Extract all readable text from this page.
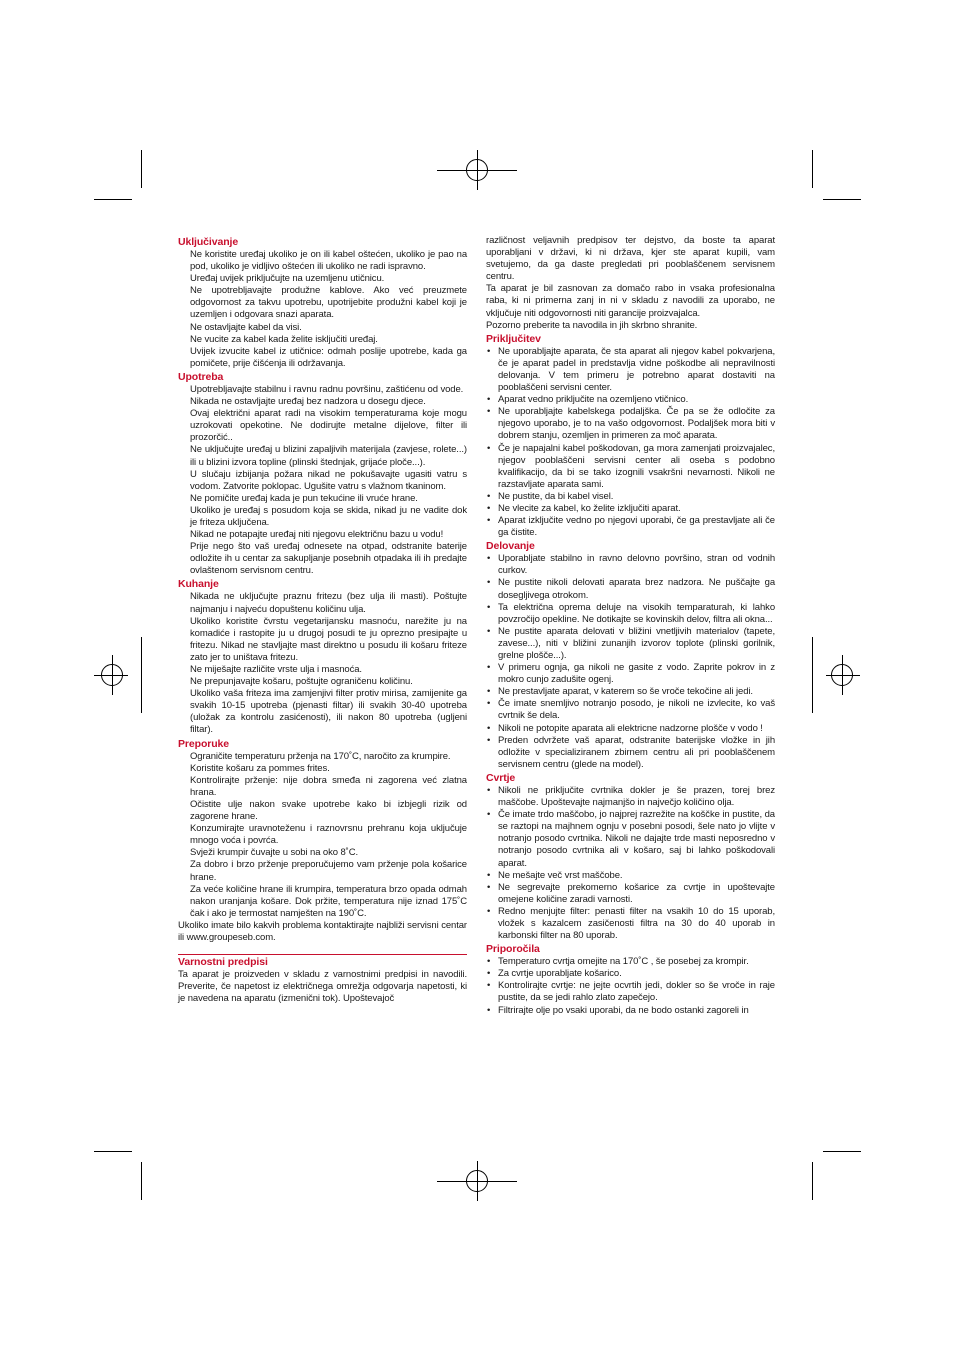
Uključivanje

Ne koristite uređaj ukoliko je on ili kabel oštećen, ukoliko je pao na pod, ukoliko je vidljivo oštećen ili ukoliko ne radi ispravno.

Uređaj uvijek priključujte na uzemljenu utičnicu.

Ne upotrebljavajte produžne kablove. Ako već preuzmete odgovornost za takvu upotrebu, upotrijebite produžni kabel koji je uzemljen i odgovara snazi aparata.

Ne ostavljajte kabel da visi.

Ne vucite za kabel kada želite isključiti uređaj.

Uvijek izvucite kabel iz utičnice: odmah poslije upotrebe, kada ga pomičete, prije čišćenja ili održavanja.

Upotreba

Upotrebljavajte stabilnu i ravnu radnu površinu, zaštićenu od vode.

Nikada ne ostavljajte uređaj bez nadzora u dosegu djece.

Ovaj električni aparat radi na visokim temperaturama koje mogu uzrokovati opekotine. Ne dodirujte metalne dijelove, filter ili prozorčić..

Ne uključujte uređaj u blizini zapaljivih materijala (zavjese, rolete...) ili u blizini izvora topline (plinski štednjak, grijaće ploče...).

U slučaju izbijanja požara nikad ne pokušavajte ugasiti vatru s vodom. Zatvorite poklopac. Ugušite vatru s vlažnom tkaninom.

Ne pomičite uređaj kada je pun tekućine ili vruće hrane.

Ukoliko je uređaj s posudom koja se skida, nikad ju ne vadite dok je friteza uključena.

Nikad ne potapajte uređaj niti njegovu električnu bazu u vodu!

Prije nego što vaš uređaj odnesete na otpad, odstranite baterije odložite ih u centar za sakupljanje posebnih otpadaka ili ih predajte ovlaštenom servisnom centru.

Kuhanje

Nikada ne uključujte praznu fritezu (bez ulja ili masti). Poštujte najmanju i najveću dopuštenu količinu ulja.

Ukoliko koristite čvrstu vegetarijansku masnoću, narežite ju na komadiće i rastopite ju u drugoj posudi te ju oprezno presipajte u fritezu. Nikad ne stavljajte mast direktno u posudu ili košaru friteze zato jer to uništava fritezu.

Ne miješajte različite vrste ulja i masnoća.

Ne prepunjavajte košaru, poštujte ograničenu količinu.

Ukoliko vaša friteza ima zamjenjivi filter protiv mirisa, zamijenite ga svakih 10-15 upotreba (pjenasti filtar) ili svakih 30-40 upotreba (uložak za kontrolu zasićenosti), ili nakon 80 upotreba (ugljeni filtar).

Preporuke

Ograničite temperaturu prženja na 170˚C, naročito za krumpire.

Koristite košaru za pommes frites.

Kontrolirajte prženje: nije dobra smeđa ni zagorena već zlatna hrana.

Očistite ulje nakon svake upotrebe kako bi izbjegli rizik od zagorene hrane.

Konzumirajte uravnoteženu i raznovrsnu prehranu koja uključuje mnogo voća i povrća.

Svježi krumpir čuvajte u sobi na oko 8˚C.

Za dobro i brzo prženje preporučujemo vam prženje pola košarice hrane.

Za veće količine hrane ili krumpira, temperatura brzo opada odmah nakon uranjanja košare. Dok pržite, temperatura nije iznad 175˚C čak i ako je termostat namješten na 190˚C.

Ukoliko imate bilo kakvih problema kontaktirajte najbliži servisni centar ili www.groupeseb.com.

Varnostni predpisi

Ta aparat je proizveden v skladu z varnostnimi predpisi in navodili. Preverite, če napetost iz električnega omrežja odgovarja napetosti, ki je navedena na aparatu (izmenični tok). Upoštevajoč

različnost veljavnih predpisov ter dejstvo, da boste ta aparat uporabljani v državi, ki ni država, kjer ste aparat kupili, vam svetujemo, da ga daste pregledati pri pooblaščenem servisnem centru.

Ta aparat je bil zasnovan za domačo rabo in vsaka profesionalna raba, ki ni primerna zanj in ni v skladu z navodili za uporabo, ne vključuje niti odgovornosti niti garancije proizvajalca.

Pozorno preberite ta navodila in jih skrbno shranite.

Priključitev

• Ne uporabljajte aparata, če sta aparat ali njegov kabel pokvarjena, če je aparat padel in predstavlja vidne poškodbe ali nepravilnosti delovanja. V tem primeru je potrebno aparat dostaviti na pooblaščeni servisni center.

• Aparat vedno priključite na ozemljeno vtičnico.

• Ne uporabljajte kabelskega podaljška. Če pa se že odločite za njegovo uporabo, je to na vašo odgovornost. Podaljšek mora biti v dobrem stanju, ozemljen in primeren za moč aparata.

• Če je napajalni kabel poškodovan, ga mora zamenjati proizvajalec, njegov pooblaščeni servisni center ali oseba s podobno kvalifikacijo, da bi se tako izognili vsakršni nevarnosti. Nikoli ne razstavljate aparata sami.

• Ne pustite, da bi kabel visel.

• Ne vlecite za kabel, ko želite izključiti aparat.

• Aparat izključite vedno po njegovi uporabi, če ga prestavljate ali če ga čistite.

Delovanje

• Uporabljate stabilno in ravno delovno površino, stran od vodnih curkov.

• Ne pustite nikoli delovati aparata brez nadzora. Ne puščajte ga dosegljivega otrokom.

• Ta električna oprema deluje na visokih temparaturah, ki lahko povzročijo opekline. Ne dotikajte se kovinskih delov, filtra ali okna...

• Ne pustite aparata delovati v bližini vnetljivih materialov (tapete, zavese...), niti v bližini zunanjih izvorov toplote (plinski gorilnik, grelne plošče...).

• V primeru ognja, ga nikoli ne gasite z vodo. Zaprite pokrov in z mokro cunjo zadušite ogenj.

• Ne prestavljate aparat, v katerem so še vroče tekočine ali jedi.

• Če imate snemljivo notranjo posodo, je nikoli ne izvlecite, ko vaš cvrtnik še dela.

• Nikoli ne potopite aparata ali elektricne nadzorne plošče v vodo !

• Preden odvržete vaš aparat, odstranite baterijske vložke in jih odložite v specializiranem zbirnem centru ali pri pooblaščenem servisnem centru (glede na model).

Cvrtje

• Nikoli ne priključite cvrtnika dokler je še prazen, torej brez maščobe. Upoštevajte najmanjšo in največjo količino olja.

• Če imate trdo maščobo, jo najprej razrežite na koščke in pustite, da se raztopi na majhnem ognju v posebni posodi, šele nato jo vlijte v notranjo posodo cvrtnika. Nikoli ne dajajte trde masti neposredno v notranjo posodo cvrtnika ali v košaro, saj bi lahko poškodovali aparat.

• Ne mešajte več vrst maščobe.

• Ne segrevajte prekomerno košarice za cvrtje in upoštevajte omejene količine zaradi varnosti.

• Redno menjujte filter: penasti filter na vsakih 10 do 15 uporab, vložek s kazalcem zasičenosti filtra na 30 do 40 uporab in karbonski filter na 80 uporab.

Priporočila

• Temperaturo cvrtja omejite na 170˚C , še posebej za krompir.

• Za cvrtje uporabljate košarico.

• Kontrolirajte cvrtje: ne jejte ocvrtih jedi, dokler so še vroče in raje pustite, da se jedi rahlo zlato zapečejo.

• Filtrirajte olje po vsaki uporabi, da ne bodo ostanki zagoreli in
